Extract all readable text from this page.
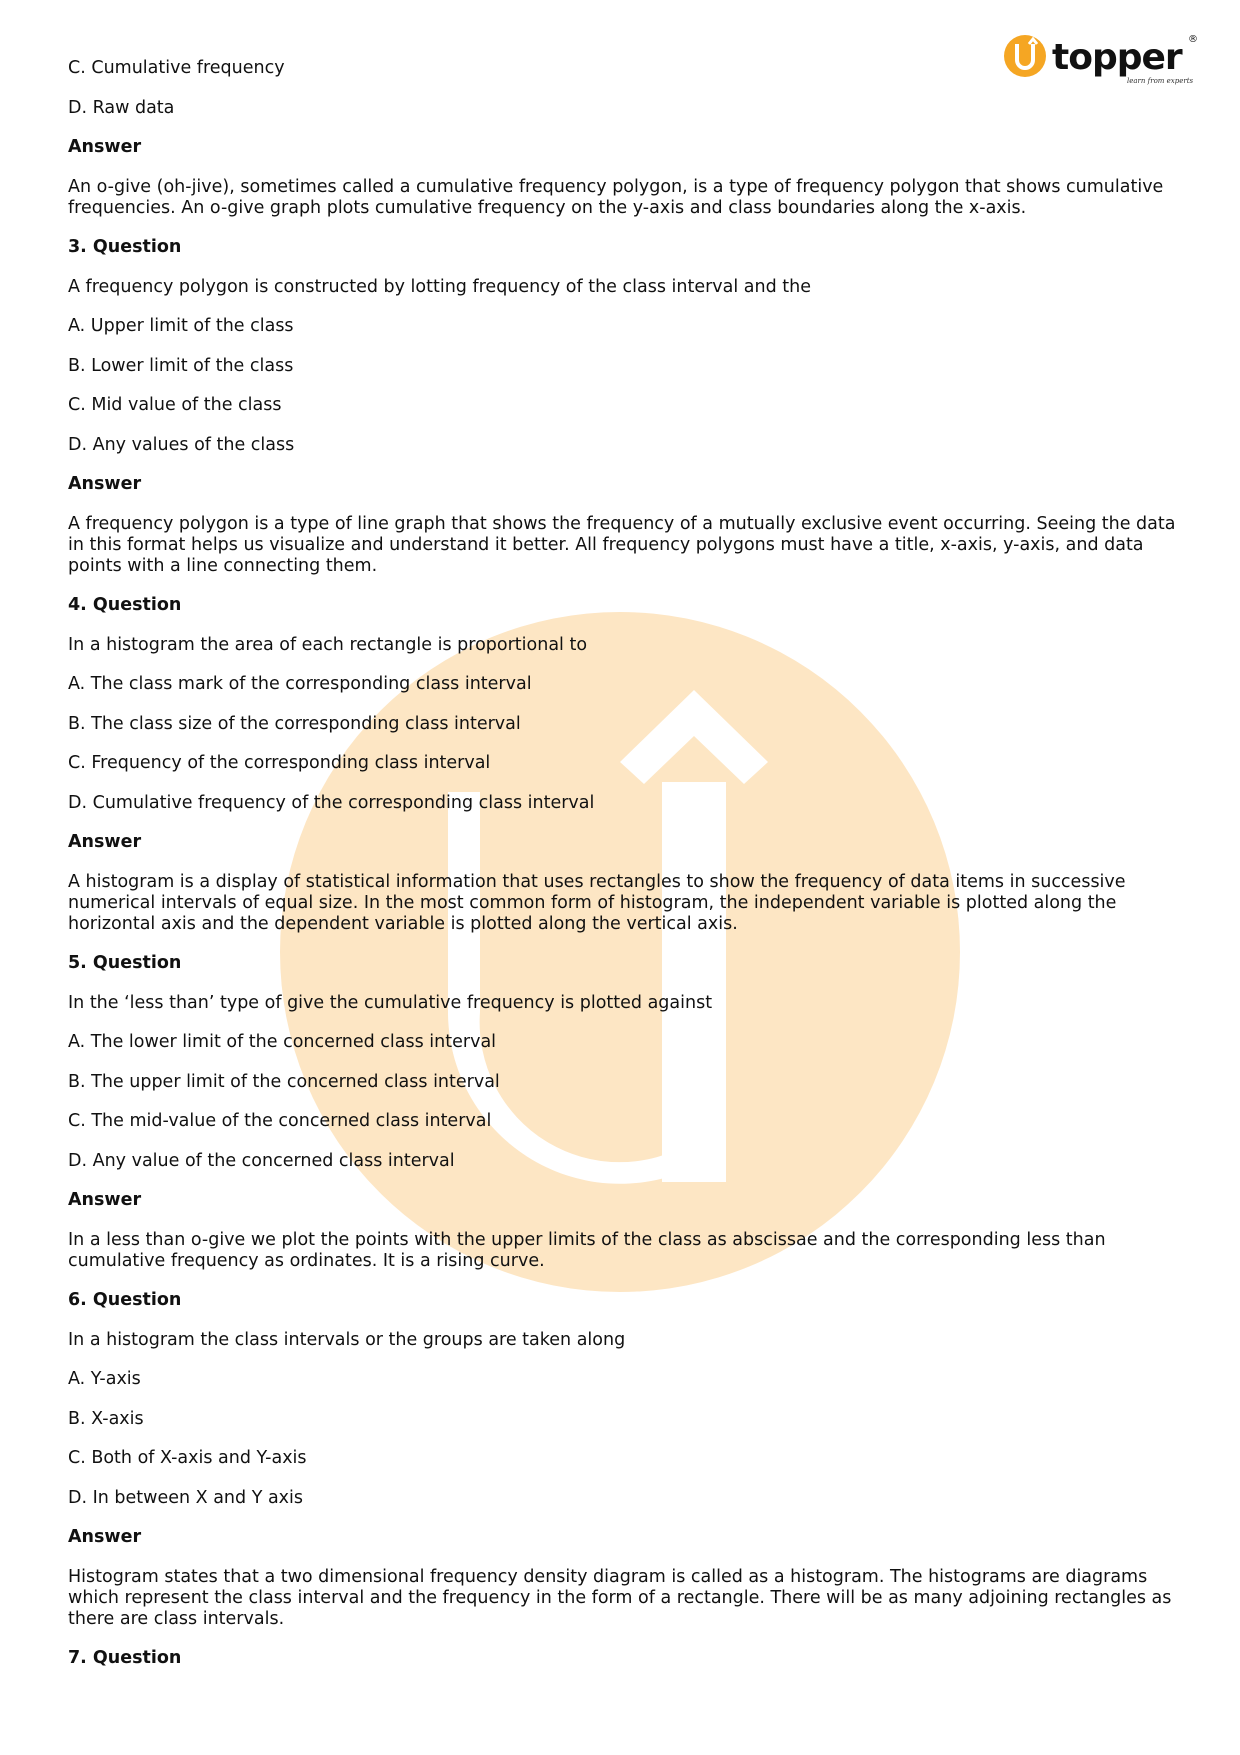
topper
learn from experts
®

C. Cumulative frequency

D. Raw data

Answer

An o-give (oh-jive), sometimes called a cumulative frequency polygon, is a type of frequency polygon that shows cumulative frequencies. An o-give graph plots cumulative frequency on the y-axis and class boundaries along the x-axis.

3. Question

A frequency polygon is constructed by lotting frequency of the class interval and the

A. Upper limit of the class

B. Lower limit of the class

C. Mid value of the class

D. Any values of the class

Answer

A frequency polygon is a type of line graph that shows the frequency of a mutually exclusive event occurring. Seeing the data in this format helps us visualize and understand it better. All frequency polygons must have a title, x-axis, y-axis, and data points with a line connecting them.

4. Question

In a histogram the area of each rectangle is proportional to

A. The class mark of the corresponding class interval

B. The class size of the corresponding class interval

C. Frequency of the corresponding class interval

D. Cumulative frequency of the corresponding class interval

Answer

A histogram is a display of statistical information that uses rectangles to show the frequency of data items in successive numerical intervals of equal size. In the most common form of histogram, the independent variable is plotted along the horizontal axis and the dependent variable is plotted along the vertical axis.

5. Question

In the ‘less than’ type of give the cumulative frequency is plotted against

A. The lower limit of the concerned class interval

B. The upper limit of the concerned class interval

C. The mid-value of the concerned class interval

D. Any value of the concerned class interval

Answer

In a less than o-give we plot the points with the upper limits of the class as abscissae and the corresponding less than cumulative frequency as ordinates. It is a rising curve.

6. Question

In a histogram the class intervals or the groups are taken along

A. Y-axis

B. X-axis

C. Both of X-axis and Y-axis

D. In between X and Y axis

Answer

Histogram states that a two dimensional frequency density diagram is called as a histogram. The histograms are diagrams which represent the class interval and the frequency in the form of a rectangle. There will be as many adjoining rectangles as there are class intervals.

7. Question
